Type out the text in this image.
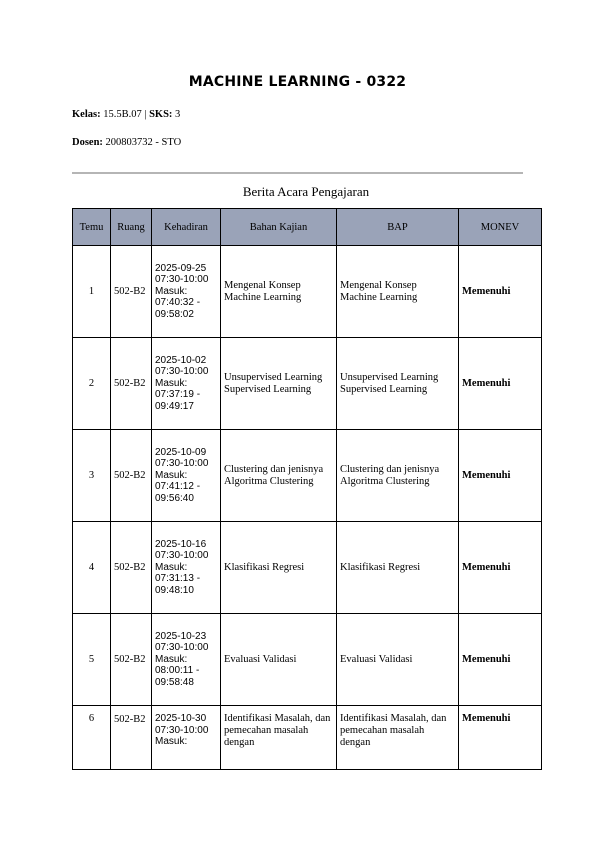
MACHINE LEARNING - 0322
Kelas: 15.5B.07 | SKS: 3
Dosen: 200803732 - STO
Berita Acara Pengajaran
Temu	Ruang	Kehadiran	Bahan Kajian	BAP	MONEV
1	502-B2	2025-09-25
07:30-10:00
Masuk:
07:40:32 -
09:58:02	Mengenal Konsep Machine Learning	Mengenal Konsep Machine Learning	Memenuhi
2	502-B2	2025-10-02
07:30-10:00
Masuk:
07:37:19 -
09:49:17	Unsupervised Learning Supervised Learning	Unsupervised Learning Supervised Learning	Memenuhi
3	502-B2	2025-10-09
07:30-10:00
Masuk:
07:41:12 -
09:56:40	Clustering dan jenisnya Algoritma Clustering	Clustering dan jenisnya Algoritma Clustering	Memenuhi
4	502-B2	2025-10-16
07:30-10:00
Masuk:
07:31:13 -
09:48:10	Klasifikasi Regresi	Klasifikasi Regresi	Memenuhi
5	502-B2	2025-10-23
07:30-10:00
Masuk:
08:00:11 -
09:58:48	Evaluasi Validasi	Evaluasi Validasi	Memenuhi
6	502-B2	2025-10-30
07:30-10:00
Masuk:	Identifikasi Masalah, dan pemecahan masalah dengan	Identifikasi Masalah, dan pemecahan masalah dengan	Memenuhi
